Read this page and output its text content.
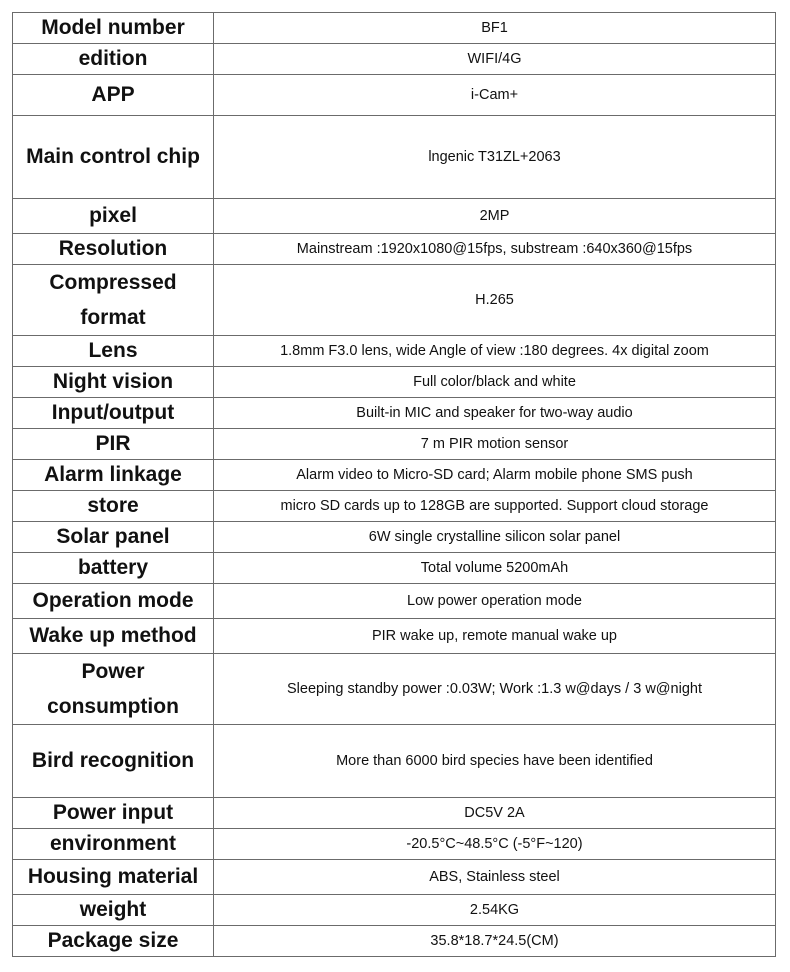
Model number	BF1
edition	WIFI/4G
APP	i-Cam+
Main control chip	lngenic T31ZL+2063
pixel	2MP
Resolution	Mainstream :1920x1080@15fps, substream :640x360@15fps
Compressed format	H.265
Lens	1.8mm F3.0 lens, wide Angle of view :180 degrees. 4x digital zoom
Night vision	Full color/black and white
Input/output	Built-in MIC and speaker for two-way audio
PIR	7 m PIR motion sensor
Alarm linkage	Alarm video to Micro-SD card; Alarm mobile phone SMS push
store	micro SD cards up to 128GB are supported. Support cloud storage
Solar panel	6W single crystalline silicon solar panel
battery	Total volume 5200mAh
Operation mode	Low power operation mode
Wake up method	PIR wake up, remote manual wake up
Power consumption	Sleeping standby power :0.03W; Work :1.3 w@days / 3 w@night
Bird recognition	More than 6000 bird species have been identified
Power input	DC5V 2A
environment	-20.5°C~48.5°C (-5°F~120)
Housing material	ABS, Stainless steel
weight	2.54KG
Package size	35.8*18.7*24.5(CM)
